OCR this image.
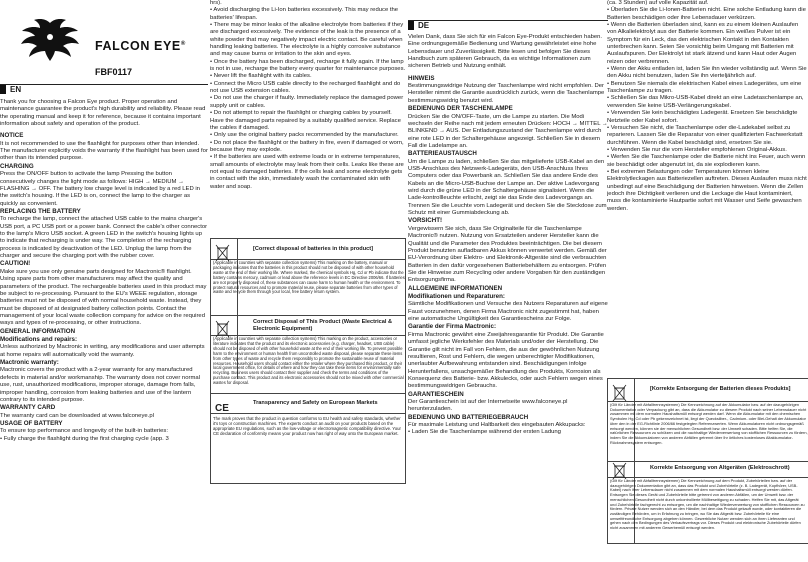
FALCON EYE®
FBF0117
EN

Thank you for choosing a Falcon Eye product. Proper operation and maintenance guarantee the product's high durability and reliability. Please read the operating manual and keep it for reference, because it contains important information about safety and operation of the product.

NOTICE

It is not recommended to use the flashlight for purposes other than intended. The manufacturer explicitly voids the warranty if the flashlight has been used for other than its intended purpose.

CHARGING

Press the ON/OFF button to activate the lamp Pressing the button consecutively changes the light mode as follows: HIGH → MEDIUM → FLASHING → OFF. The battery low charge level is indicated by a red LED in the switch's housing. If the LED is on, connect the lamp to the charger as quickly as convenient.

REPLACING THE BATTERY

To recharge the lamp, connect the attached USB cable to the mains charger's USB port, a PC USB port or a power bank. Connect the cable's other connector to the lamp's Micro USB socket. A green LED in the switch's housing lights up to indicate that recharging is under way. The completion of the recharging process is indicated by deactivation of the LED. Unplug the lamp from the charger and secure the charging port with the rubber cover.

CAUTION!

Make sure you use only genuine parts designed for Mactronic® flashlight. Using spare parts from other manufacturers may affect the quality and parameters of the product. The rechargeable batteries used in this product may be subject to re-processing. Pursuant to the EU's WEEE regulation, storage batteries must not be disposed of with normal household waste. Instead, they must be disposed of at designated battery collection points. Contact the management of your local waste collection company for advice on the required ways and types of re-processing, or other instructions.

GENERAL INFORMATION

Modifications and repairs:

Unless authorized by Mactronic in writing, any modifications and user attempts at home repairs will automatically void the warranty.

Mactronic warranty:

Mactronic covers the product with a 2-year warranty for any manufactured defects in material and/or workmanship. The warranty does not cover normal use, rust, unauthorized modifications, improper storage, damage from falls, improper handling, corrosion from leaking batteries and use of the lantern contrary to its intended purpose.

WARRANTY CARD

The warranty card can be downloaded at www.falconeye.pl

USAGE OF BATTERY

To ensure top performance and longevity of the built-in batteries:
• Fully charge the flashlight during the first charging cycle (app. 3

hrs).
• Avoid discharging the Li-Ion batteries excessively. This may reduce the batteries' lifespan.
• There may be minor leaks of the alkaline electrolyte from batteries if they are discharged excessively. The evidence of the leak is the presence of a white powder that may negatively impact electric contact. Be careful when handling leaking batteries. The electrolyte is a highly corrosive substance and may cause burns or irritation to the skin and eyes.
• Once the battery has been discharged, recharge it fully again. If the lamp is not in use, recharge the battery every quarter for maintenance purposes.
• Never lift the flashlight with its cables.
• Connect the Micro USB cable directly to the recharged flashlight and do not use USB extension cables.
• Do not use the charger if faulty. Immediately replace the damaged power supply unit or cables.
• Do not attempt to repair the flashlight or charging cables by yourself. Have the damaged parts repaired by a suitably qualified service. Replace the cables if damaged.
• Only use the original battery packs recommended by the manufacturer.
• Do not place the flashlight or the battery in fire, even if damaged or worn, because they may explode.
• If the batteries are used with extreme loads or in extreme temperatures, small amounts of electrolyte may leak from their cells. Leaks like these are not equal to damaged batteries. If the cells leak and some electrolyte gets in contact with the skin, immediately wash the contaminated skin with water and soap.

[Correct disposal of batteries in this product]
(Applicable in countries with separate collection systems) This marking on the battery, manual or packaging indicates that the batteries in this product should not be disposed of with other household waste at the end of their working life. Where marked, the chemical symbols Hg, Cd or Pb indicate that the battery contains mercury, cadmium or lead above the reference levels in EC Directive 2006/66. If batteries are not properly disposed of, these substances can cause harm to human health or the environment. To protect natural resources and to promote material reuse, please separate batteries from other types of waste and recycle them through your local, free battery return system.
Correct Disposal of This Product (Waste Electrical & Electronic Equipment)
(Applicable in countries with separate collection systems) This marking on the product, accessories or literature indicates that the product and its electronic accessories (e.g. charger, headset, USB cable) should not be disposed of with other household waste at the end of their working life. To prevent possible harm to the environment or human health from uncontrolled waste disposal, please separate these items from other types of waste and recycle them responsibly to promote the sustainable reuse of material resources. Household users should contact either the retailer where they purchased this product, or their local government office, for details of where and how they can take these items for environmentally safe recycling. Business users should contact their supplier and check the terms and conditions of the purchase contract. This product and its electronic accessories should not be mixed with other commercial wastes for disposal.
CE	Transparency and Safety on European Markets
The mark proves that the product in question conforms to EU health and safety standards, whether it's toys or construction machines. The experts conduct an audit on your products based on the appropriate EU regulations, such as the low-voltage or electromagnetic compatibility directive. Your CE declaration of conformity means your product now has right of way onto the European market.
DE

Vielen Dank, dass Sie sich für ein Falcon Eye-Produkt entschieden haben. Eine ordnungsgemäße Bedienung und Wartung gewährleistet eine hohe Lebensdauer und Zuverlässigkeit. Bitte lesen und befolgen Sie dieses Handbuch zum späteren Gebrauch, da es wichtige Informationen zum sicheren Betrieb und Nutzung enthält.

HINWEIS

Bestimmungswidrige Nutzung der Taschenlampe wird nicht empfohlen. Der Hersteller nimmt die Garantie ausdrücklich zurück, wenn die Taschenlampe bestimmungswidrig benutzt wird.

BEDIENUNG DER TASCHENLAMPE

Drücken Sie die ON/OFF-Taste, um die Lampe zu starten. Die Modi wechseln der Reihe nach mit jedem erneuten Drücken: HOCH → MITTEL → BLINKEND → AUS. Der Entladungszustand der Taschenlampe wird durch eine rote LED in der Schaltergehäuse angezeigt. Schließen Sie in diesem Fall die Ladelampe an.

BATTERIEAUSTAUSCH

Um die Lampe zu laden, schließen Sie das mitgelieferte USB-Kabel an den USB-Anschluss des Netzwerk-Ladegeräts, den USB-Anschluss Ihres Computers oder das Powerbank an. Schließen Sie das andere Ende des Kabels an die Micro-USB-Buchse der Lampe an. Der aktive Ladevorgang wird durch die grüne LED in der Schaltergehäuse signalisiert. Wenn die Lade-kontrollleuchte erlischt, zeigt sie das Ende des Ladevorgangs an. Trennen Sie die Leuchte vom Ladegerät und decken Sie die Steckdose zum Schutz mit einer Gummiabdeckung ab.

VORSICHT!

Vergewissern Sie sich, dass Sie Originalteile für die Taschenlampe Mactronic® nutzen. Nutzung von Ersatzteilen anderer Hersteller kann die Qualität und die Parameter des Produktes beeinträchtigen. Die bei diesem Produkt benutzten aufladbaren Akkus können verwertet werden. Gemäß der EU-Verordnung über Elektro- und Elektronik-Altgeräte sind die verbrauchten Batterien in den dafür vorgesehenen Batteriebehältern zu entsorgen. Prüfen Sie die Hinweise zum Recycling oder andere Vorgaben für den zuständigen Entsorgungsfirma.

ALLGEMEINE INFORMATIONEN

Modifikationen und Reparaturen:

Sämtliche Modifikationen und Versuche des Nutzers Reparaturen auf eigene Faust vorzunehmen, denen Firma Mactronic nicht zugestimmt hat, haben eine automatische Ungültigkeit des Garantiescheins zur Folge.

Garantie der Firma Mactronic:

Firma Mactronic gewährt eine Zweijahresgarantie für Produkt. Die Garantie umfasst jegliche Werksfehler des Materials und/oder der Herstellung. Die Garantie gilt nicht im Fall von Fehlern, die aus der gewöhnlichen Nutzung resultieren, Rost und Fehlern, die wegen unberechtigter Modifikationen, unerlaubter Aufbewahrung entstanden sind. Beschädigungen infolge Herunterfallens, unsachgemäßer Behandlung des Produkts, Korrosion als Konsequenz des Batterie- bzw. Akkulecks, oder auch Fehlern wegen eines bestimmungswidrigen Gebrauchs.

GARANTIESCHEIN

Der Garantieschein ist auf der Internetseite www.falconeye.pl herunterzuladen.

BEDIENUNG UND BATTERIEGEBRAUCH

Für maximale Leistung und Haltbarkeit des eingebauten Akkupacks:
• Laden Sie die Taschenlampe während der ersten Ladung

(ca. 3 Stunden) auf volle Kapazität auf.
• Überladen Sie die Li-Ionen-Batterien nicht. Eine solche Entladung kann die Batterien beschädigen oder ihre Lebensdauer verkürzen.
• Wenn die Batterien überladen sind, kann es zu einem kleinen Auslaufen von Alkalielektrolyt aus der Batterie kommen. Ein weißes Pulver ist ein Symptom für ein Leck, das den elektrischen Kontakt in den Kontakten unterbrechen kann. Seien Sie vorsichtig beim Umgang mit Batterien mit Auslaufspuren. Der Elektrolyt ist stark ätzend und kann Haut oder Augen reizen oder verbrennen.
• Wenn der Akku entladen ist, laden Sie ihn wieder vollständig auf. Wenn Sie den Akku nicht benutzen, laden Sie ihn vierteljährlich auf.
• Benutzen Sie niemals die elektrischen Kabel eines Ladegerätes, um eine Taschenlampe zu tragen.
• Schließen Sie das Mikro-USB-Kabel direkt an eine Ladetaschenlampe an, verwenden Sie keine USB-Verlängerungskabel.
• Verwenden Sie kein beschädigtes Ladegerät. Ersetzen Sie beschädigte Netzteile oder Kabel sofort.
• Versuchen Sie nicht, die Taschenlampe oder die-Ladekabel selbst zu reparieren. Lassen Sie die Reparatur von einer qualifizierten Fachwerkstatt durchführen. Wenn die Kabel beschädigt sind, ersetzen Sie sie.
• Verwenden Sie nur die vom Hersteller empfohlenen Original-Akkus.
• Werfen Sie die Taschenlampe oder die Batterie nicht ins Feuer, auch wenn sie beschädigt oder abgenutzt ist, da sie explodieren kann.
• Bei extremen Belastungen oder Temperaturen können kleine Elektrolytleckagen aus Batteriezellen auftreten. Dieses Auslaufen muss nicht unbedingt auf eine Beschädigung der Batterien hinweisen. Wenn die Zellen jedoch ihre Dichtigkeit verlieren und die Leckage die Haut kontaminiert, muss die kontaminierte Hautpartie sofort mit Wasser und Seife gewaschen werden.

[Korrekte Entsorgung der Batterien dieses Produkts]
(Gilt für Länder mit Abfalltrennsystemen) Die Kennzeichnung auf der Akkumulator bzw. auf der dazugehörigen Dokumentation oder Verpackung gibt an, dass die Akkumulator zu diesem Produkt nach seiner Lebensdauer nicht zusammen mit dem normalen Haushaltsmüll entsorgt werden darf. Wenn die Akkumulator mit den chemischen Symbolen Hg, Cd oder Pb gekennzeichnet ist, liegt der Quecksilber-, Cadmium- oder Blei-Gehalt der Akkumulator über den in der EG-Richtlinie 2006/66 festgelegten Referenzwerten. Wenn Akkumulatoren nicht ordnungsgemäß entsorgt werden, können sie der menschlichen Gesundheit bzw. der Umwelt schaden. Bitte helfen Sie, die natürlichen Ressourcen zu schützen und die nachhaltige Wiederverwertung von stofflichen Ressourcen zu fördern, indem Sie die Akkumulatoren von anderen Abfällen getrennt über Ihr örtliches kostenloses Altakkumulator-Rücknahmesystem entsorgen.
Korrekte Entsorgung von Altgeräten (Elektroschrott)
(Gilt für Länder mit Abfalltrennsystemen) Die Kennzeichnung auf dem Produkt, Zubehörteilen bzw. auf der dazugehörigen Dokumentation gibt an, dass das Produkt und Zubehörteile (z. B. Ladegerät, Kopfhörer, USB-Kabel) nach ihrer Lebensdauer nicht zusammen mit dem normalen Haushaltsmüll entsorgt werden dürfen. Entsorgen Sie dieses Gerät und Zubehörteile bitte getrennt von anderen Abfällen, um der Umwelt bzw. der menschlichen Gesundheit nicht durch unkontrollierte Müllbeseitigung zu schaden. Helfen Sie mit, das Altgerät und Zubehörteile fachgerecht zu entsorgen, um die nachhaltige Wiederverwertung von stofflichen Ressourcen zu fördern. Private Nutzer wenden sich an den Händler, bei dem das Produkt gekauft wurde, oder kontaktieren die zuständigen Behörden, um in Erfahrung zu bringen, wo Sie das Altgerät bzw. Zubehörteile für eine umweltfreundliche Entsorgung abgeben können. Gewerbliche Nutzer wenden sich an ihren Lieferanten und gehen nach den Bedingungen des Verkaufsvertrags vor. Dieses Produkt und elektronische Zubehörteile dürfen nicht zusammen mit anderem Gewerbemüll entsorgt werden.
